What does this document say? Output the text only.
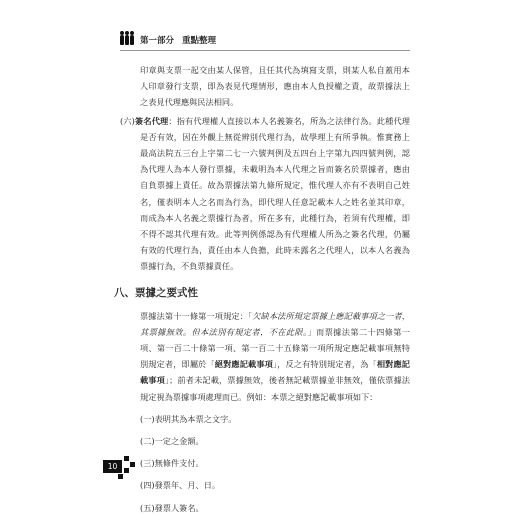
第一部分 重點整理

印章與支票一起交由某人保管，且任其代為填寫支票，則某人私自蓋用本人印章發行支票，即為表見代理情形，應由本人負授權之責，故票據法上之表見代理應與民法相同。

(六)簽名代理：指有代理權人直接以本人名義簽名，所為之法律行為。此種代理是否有效，因在外觀上無從辨別代理行為，故學理上有所爭執。惟實務上最高法院五三台上字第二七一六號判例及五四台上字第九四四號判例，認為代理人為本人發行票據，未載明為本人代理之旨而簽名於票據者，應由自負票據上責任。故為票據法第九條所規定，惟代理人亦有不表明自己姓名，僅表明本人之名而為行為，即代理人任意記載本人之姓名並其印章，而成為本人名義之票據行為者，所在多有，此種行為，若須有代理權，即不得不認其代理有效。此等判例係認為有代理權人所為之簽名代理，仍屬有效的代理行為，責任由本人負擔，此時未露名之代理人，以本人名義為票據行為，不負票據責任。

八、票據之要式性

票據法第十一條第一項規定：「欠缺本法所規定票據上應記載事項之一者，其票據無效。但本法別有規定者，不在此限。」而票據法第二十四條第一項、第一百二十條第一項、第一百二十五條第一項所規定應記載事項無特別規定者，即屬於「絕對應記載事項」，反之有特別規定者，為「相對應記載事項」；前者未記載，票據無效，後者無記載票據並非無效，僅依票據法規定視為票據事項處理而已。例如：本票之絕對應記載事項如下：

(一)表明其為本票之文字。

(二)一定之金額。

(三)無條件支付。

(四)發票年、月、日。

(五)發票人簽名。

10
